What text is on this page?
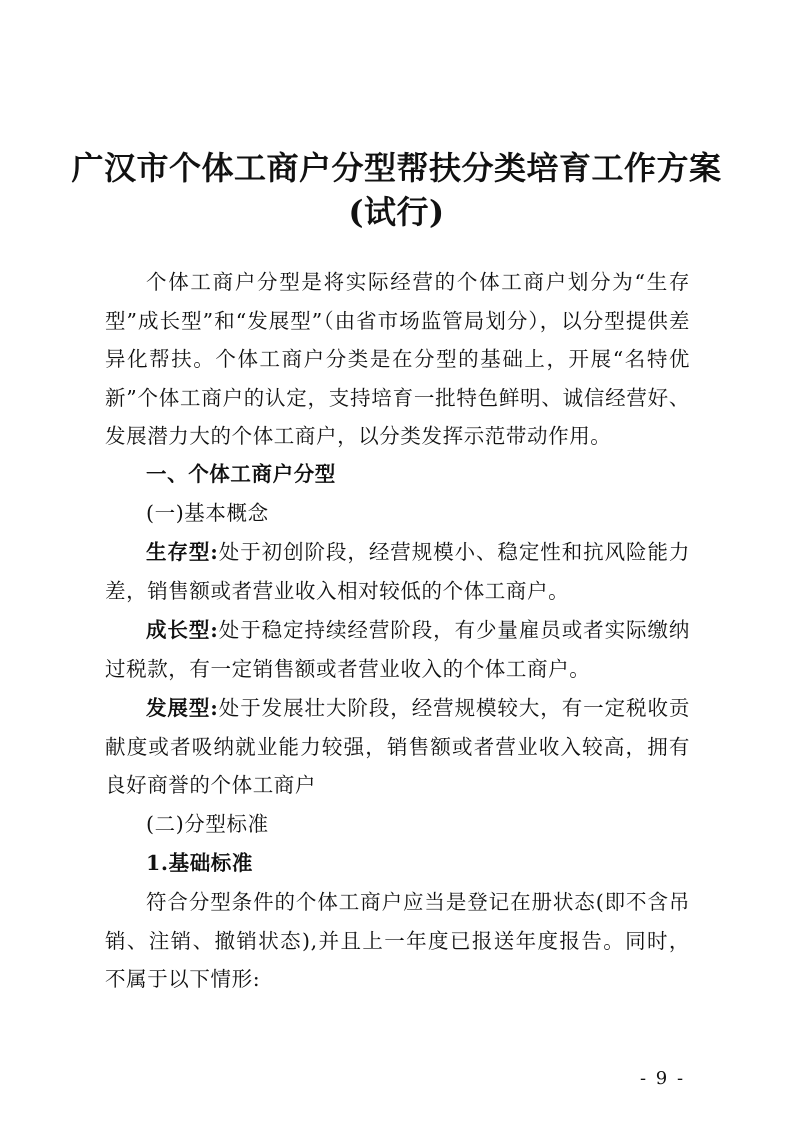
广汉市个体工商户分型帮扶分类培育工作方案
(试行)

个体工商户分型是将实际经营的个体工商户划分为“生存型”成长型”和“发展型”（由省市场监管局划分），以分型提供差异化帮扶。个体工商户分类是在分型的基础上，开展“名特优新”个体工商户的认定，支持培育一批特色鲜明、诚信经营好、发展潜力大的个体工商户，以分类发挥示范带动作用。

一、个体工商户分型

(一)基本概念

生存型:处于初创阶段，经营规模小、稳定性和抗风险能力差，销售额或者营业收入相对较低的个体工商户。

成长型:处于稳定持续经营阶段，有少量雇员或者实际缴纳过税款，有一定销售额或者营业收入的个体工商户。

发展型:处于发展壮大阶段，经营规模较大，有一定税收贡献度或者吸纳就业能力较强，销售额或者营业收入较高，拥有良好商誉的个体工商户

(二)分型标准

1.基础标准

符合分型条件的个体工商户应当是登记在册状态(即不含吊销、注销、撤销状态),并且上一年度已报送年度报告。同时，不属于以下情形:

- 9 -
